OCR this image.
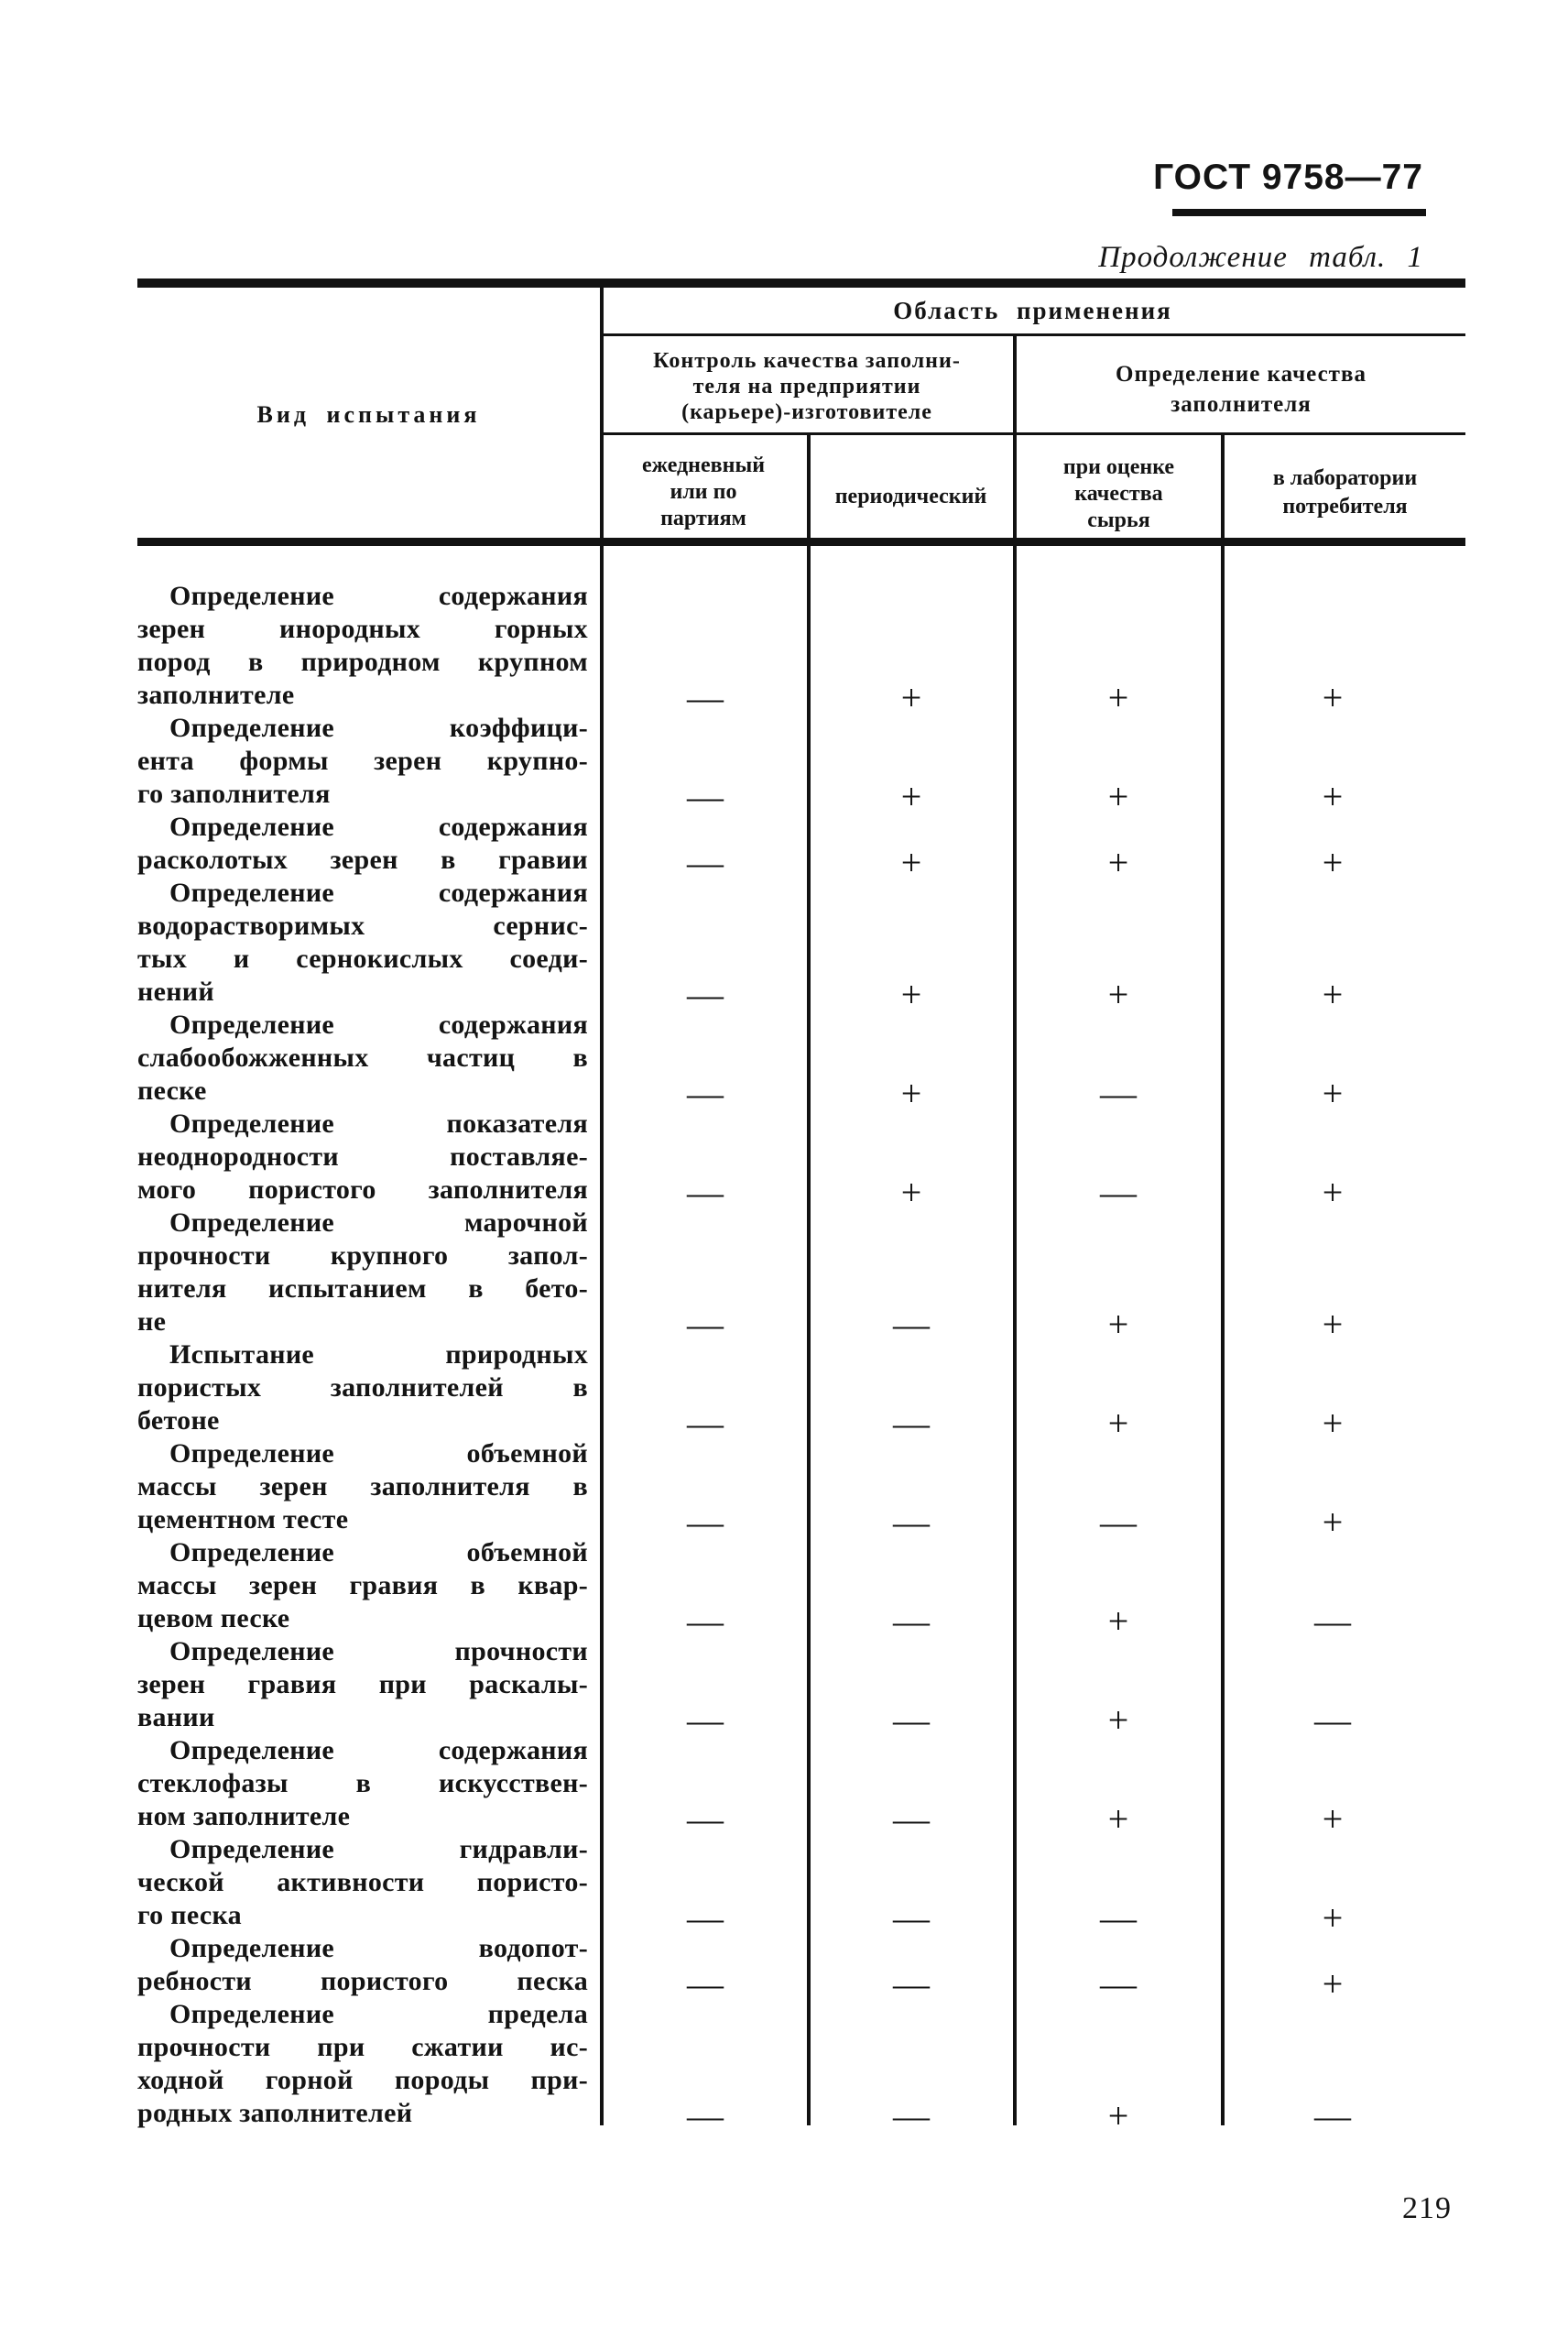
ГОСТ 9758—77
Продолжение табл. 1
Область применения
Вид испытания
Контроль качества заполни-
теля на предприятии
(карьере)-изготовителе
Определение качества
заполнителя
ежедневный
или по
партиям
периодический
при оценке
качества
сырья
в лаборатории
потребителя
Определение содержания
зерен инородных горных
пород в природном крупном
заполнителе	—	+	+	+
Определение коэффици-
ента формы зерен крупно-
го заполнителя	—	+	+	+
Определение содержания
расколотых зерен в гравии	—	+	+	+
Определение содержания
водорастворимых сернис-
тых и сернокислых соеди-
нений	—	+	+	+
Определение содержания
слабообожженных частиц в
песке	—	+	—	+
Определение показателя
неоднородности поставляе-
мого пористого заполнителя	—	+	—	+
Определение марочной
прочности крупного запол-
нителя испытанием в бето-
не	—	—	+	+
Испытание природных
пористых заполнителей в
бетоне	—	—	+	+
Определение объемной
массы зерен заполнителя в
цементном тесте	—	—	—	+
Определение объемной
массы зерен гравия в квар-
цевом песке	—	—	+	—
Определение прочности
зерен гравия при раскалы-
вании	—	—	+	—
Определение содержания
стеклофазы в искусствен-
ном заполнителе	—	—	+	+
Определение гидравли-
ческой активности пористо-
го песка	—	—	—	+
Определение водопот-
ребности пористого песка	—	—	—	+
Определение предела
прочности при сжатии ис-
ходной горной породы при-
родных заполнителей	—	—	+	—
219
